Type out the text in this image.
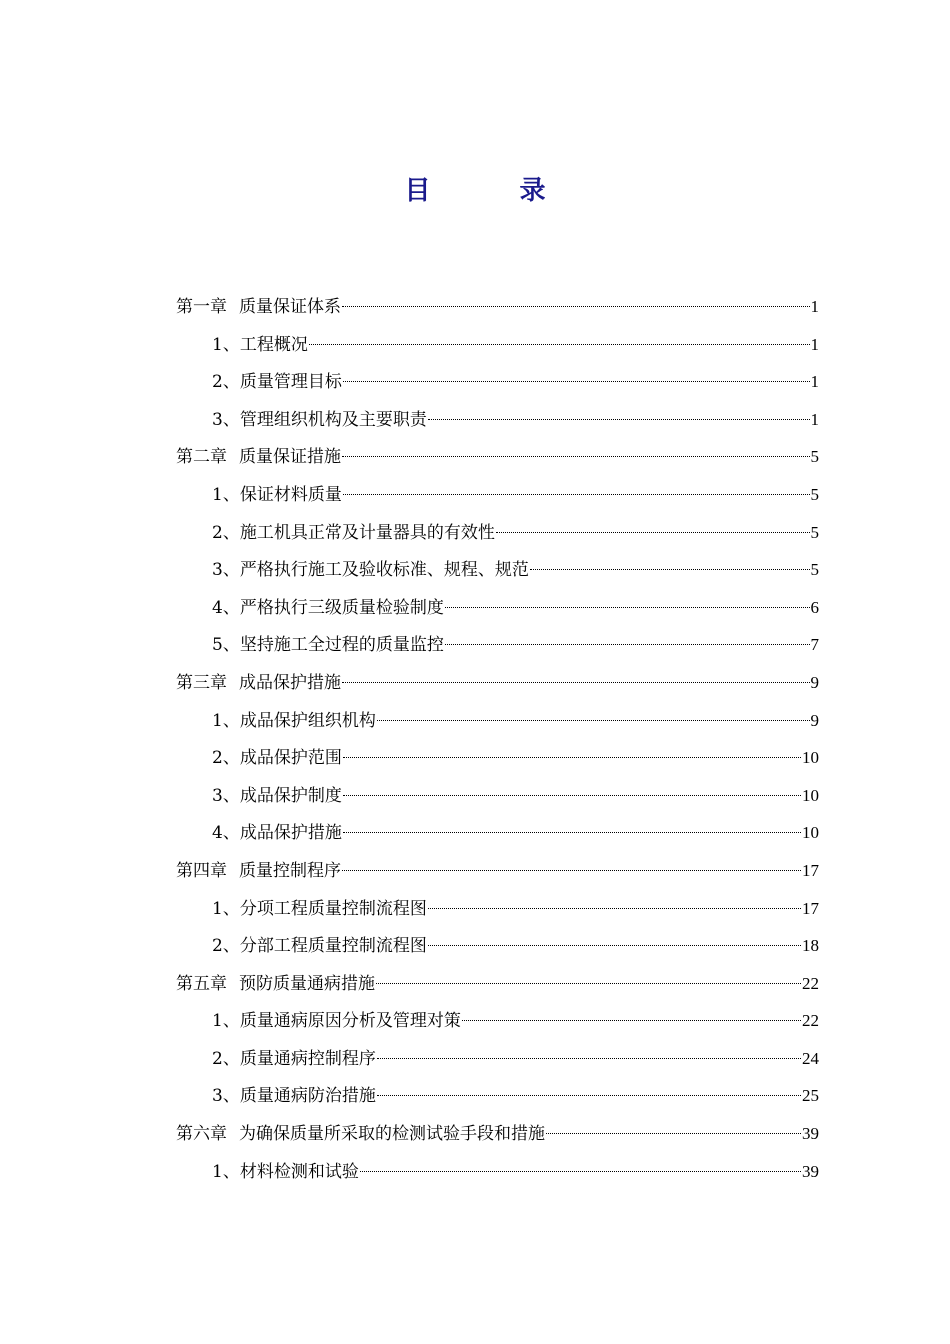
目 录
第一章 质量保证体系	1
1、工程概况	1
2、质量管理目标	1
3、管理组织机构及主要职责	1
第二章 质量保证措施	5
1、保证材料质量	5
2、施工机具正常及计量器具的有效性	5
3、严格执行施工及验收标准、规程、规范	5
4、严格执行三级质量检验制度	6
5、坚持施工全过程的质量监控	7
第三章 成品保护措施	9
1、成品保护组织机构	9
2、成品保护范围	10
3、成品保护制度	10
4、成品保护措施	10
第四章 质量控制程序	17
1、分项工程质量控制流程图	17
2、分部工程质量控制流程图	18
第五章 预防质量通病措施	22
1、质量通病原因分析及管理对策	22
2、质量通病控制程序	24
3、质量通病防治措施	25
第六章 为确保质量所采取的检测试验手段和措施	39
1、材料检测和试验	39
